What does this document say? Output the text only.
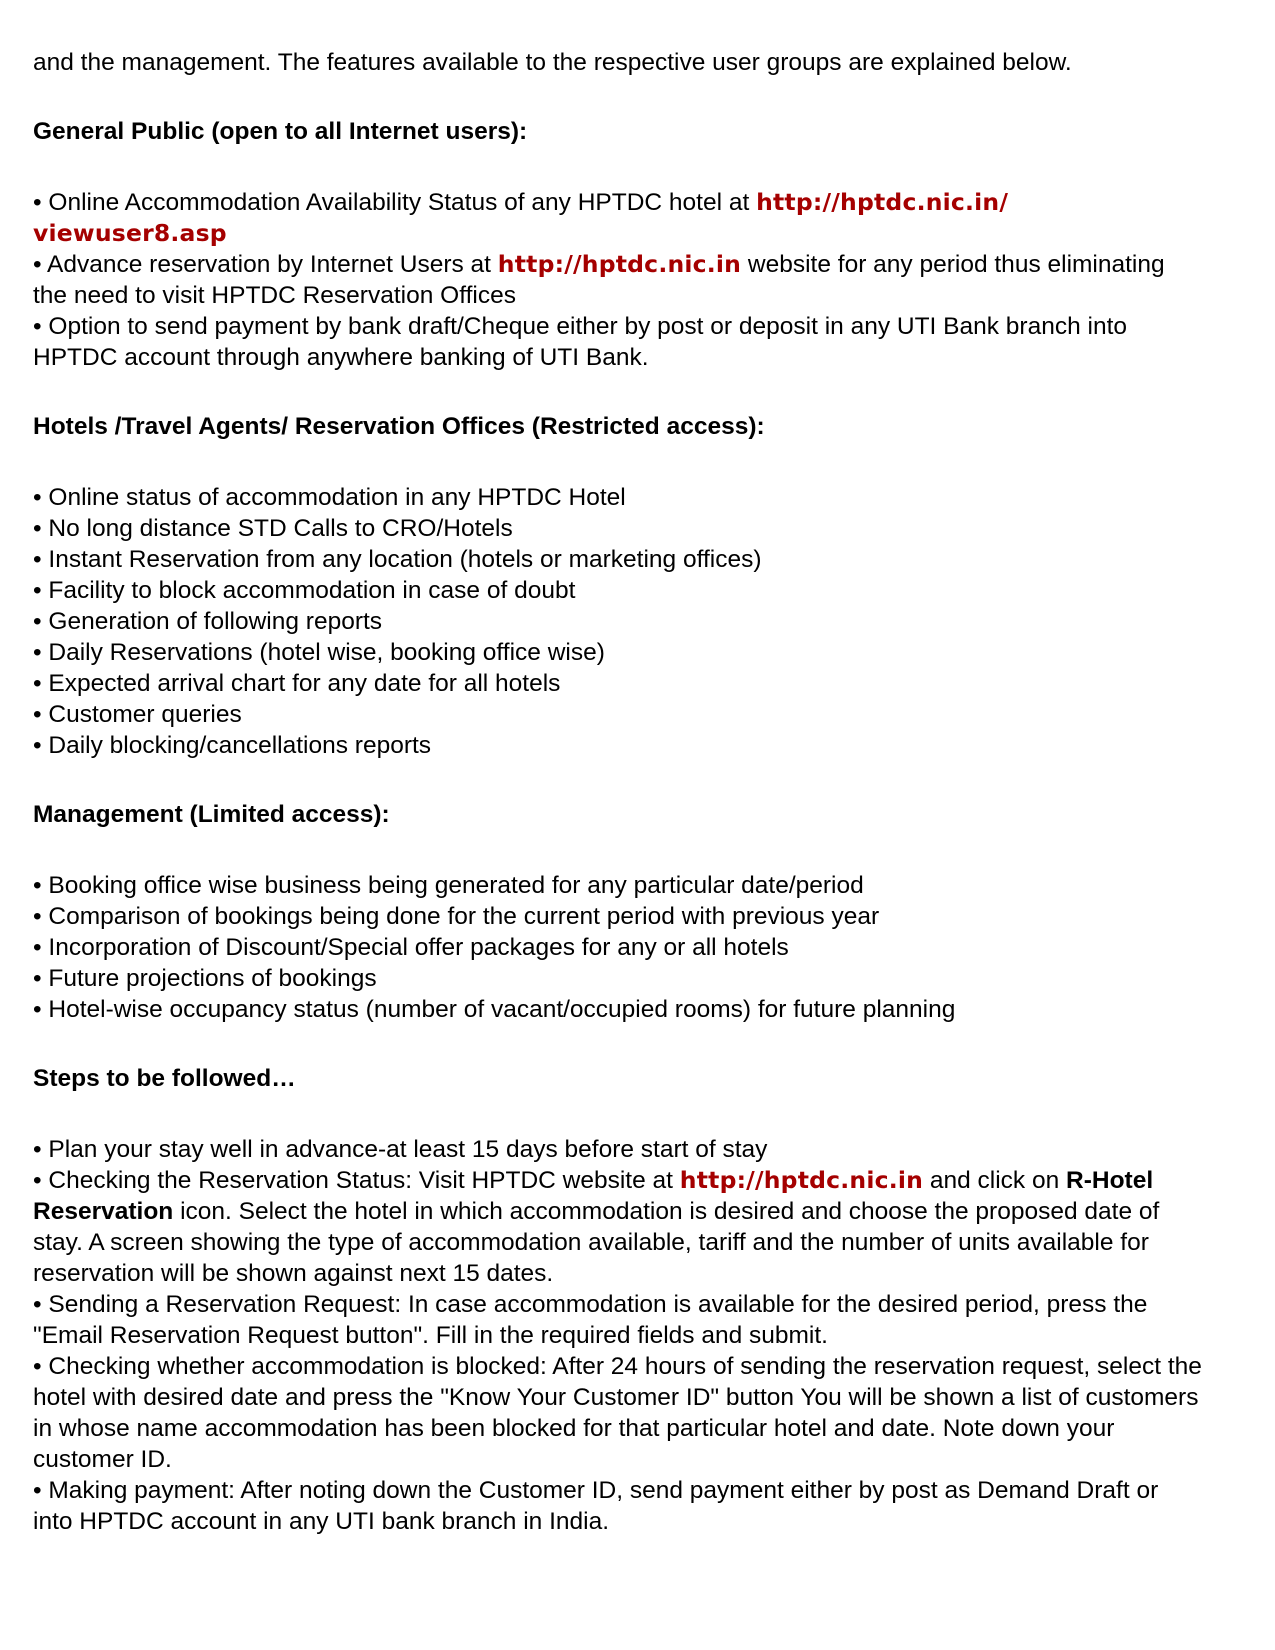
and the management. The features available to the respective user groups are explained below.

General Public (open to all Internet users):

• Online Accommodation Availability Status of any HPTDC hotel at http://hptdc.nic.in/ viewuser8.asp

• Advance reservation by Internet Users at http://hptdc.nic.in website for any period thus eliminating the need to visit HPTDC Reservation Offices

• Option to send payment by bank draft/Cheque either by post or deposit in any UTI Bank branch into HPTDC account through anywhere banking of UTI Bank.

Hotels /Travel Agents/ Reservation Offices (Restricted access):

• Online status of accommodation in any HPTDC Hotel

• No long distance STD Calls to CRO/Hotels

• Instant Reservation from any location (hotels or marketing offices)

• Facility to block accommodation in case of doubt

• Generation of following reports

• Daily Reservations (hotel wise, booking office wise)

• Expected arrival chart for any date for all hotels

• Customer queries

• Daily blocking/cancellations reports

Management (Limited access):

• Booking office wise business being generated for any particular date/period

• Comparison of bookings being done for the current period with previous year

• Incorporation of Discount/Special offer packages for any or all hotels

• Future projections of bookings

• Hotel-wise occupancy status (number of vacant/occupied rooms) for future planning

Steps to be followed…

• Plan your stay well in advance-at least 15 days before start of stay

• Checking the Reservation Status: Visit HPTDC website at http://hptdc.nic.in and click on R-Hotel Reservation icon. Select the hotel in which accommodation is desired and choose the proposed date of stay. A screen showing the type of accommodation available, tariff and the number of units available for reservation will be shown against next 15 dates.

• Sending a Reservation Request: In case accommodation is available for the desired period, press the "Email Reservation Request button". Fill in the required fields and submit.

• Checking whether accommodation is blocked: After 24 hours of sending the reservation request, select the hotel with desired date and press the "Know Your Customer ID" button You will be shown a list of customers in whose name accommodation has been blocked for that particular hotel and date. Note down your customer ID.

• Making payment: After noting down the Customer ID, send payment either by post as Demand Draft or into HPTDC account in any UTI bank branch in India.
